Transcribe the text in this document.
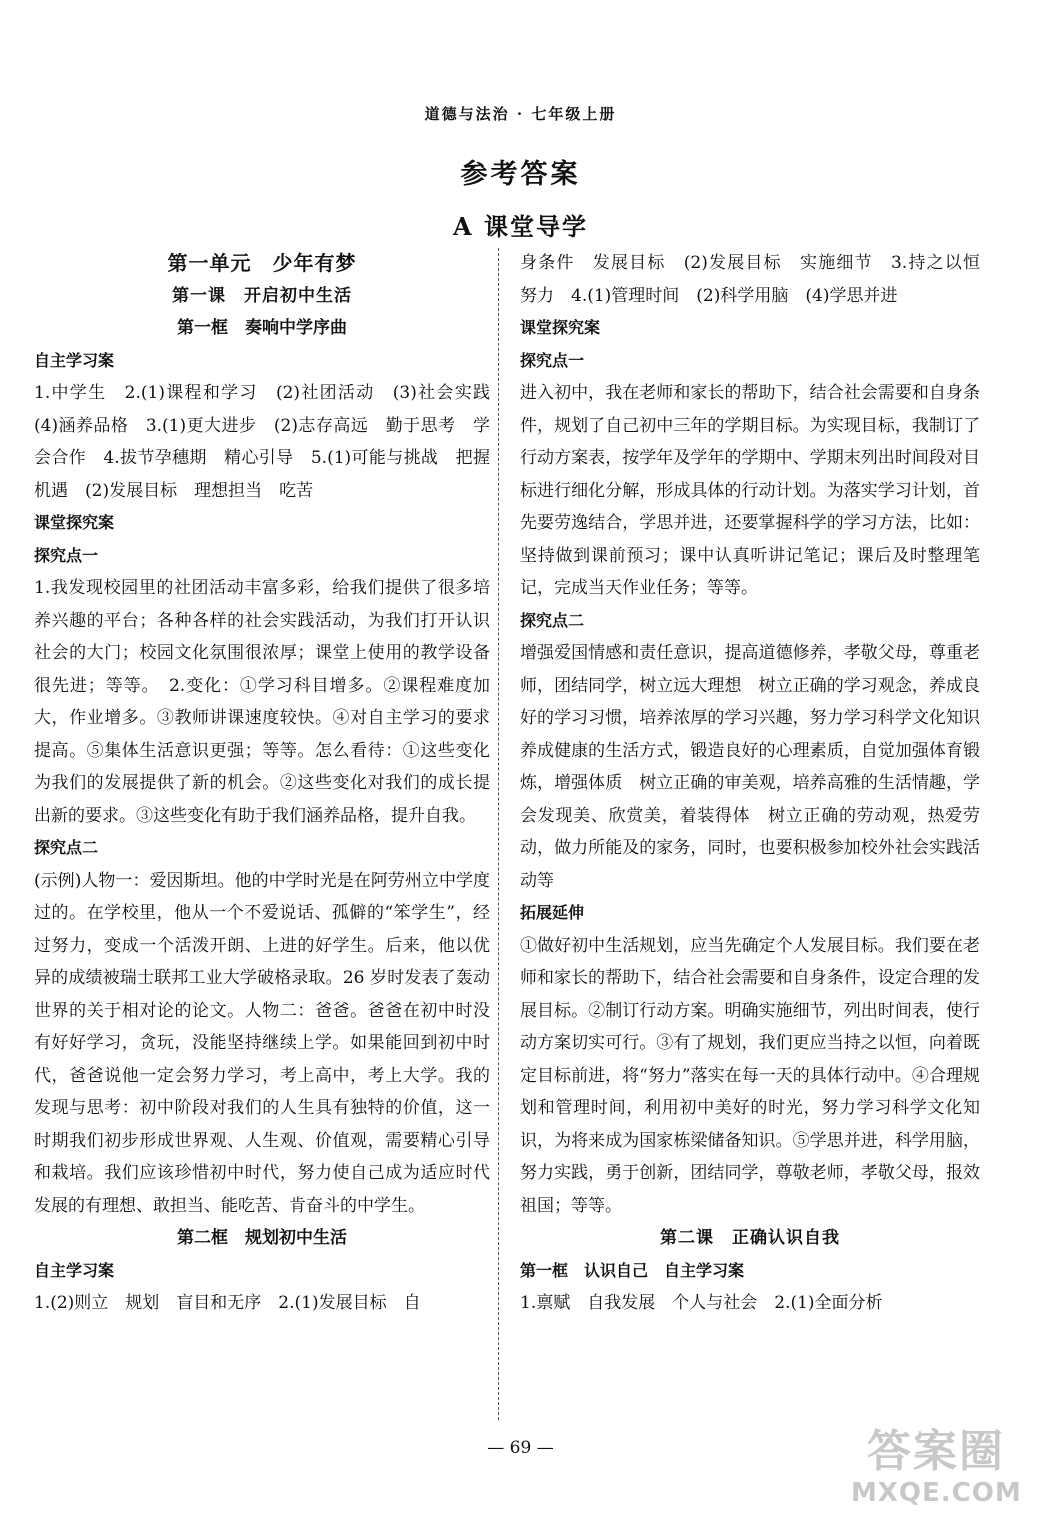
道德与法治 · 七年级上册
参考答案
A 课堂导学

第一单元　少年有梦

第一课　开启初中生活

第一框　奏响中学序曲

自主学习案

1.中学生　2.(1)课程和学习　(2)社团活动　(3)社会实践　(4)涵养品格　3.(1)更大进步　(2)志存高远　勤于思考　学会合作　4.拔节孕穗期　精心引导　5.(1)可能与挑战　把握机遇　(2)发展目标　理想担当　吃苦

课堂探究案

探究点一

1.我发现校园里的社团活动丰富多彩，给我们提供了很多培养兴趣的平台；各种各样的社会实践活动，为我们打开认识社会的大门；校园文化氛围很浓厚；课堂上使用的教学设备很先进；等等。　2.变化：①学习科目增多。②课程难度加大，作业增多。③教师讲课速度较快。④对自主学习的要求提高。⑤集体生活意识更强；等等。怎么看待：①这些变化为我们的发展提供了新的机会。②这些变化对我们的成长提出新的要求。③这些变化有助于我们涵养品格，提升自我。

探究点二

(示例)人物一：爱因斯坦。他的中学时光是在阿劳州立中学度过的。在学校里，他从一个不爱说话、孤僻的“笨学生”，经过努力，变成一个活泼开朗、上进的好学生。后来，他以优异的成绩被瑞士联邦工业大学破格录取。26 岁时发表了轰动世界的关于相对论的论文。人物二：爸爸。爸爸在初中时没有好好学习，贪玩，没能坚持继续上学。如果能回到初中时代，爸爸说他一定会努力学习，考上高中，考上大学。我的发现与思考：初中阶段对我们的人生具有独特的价值，这一时期我们初步形成世界观、人生观、价值观，需要精心引导和栽培。我们应该珍惜初中时代，努力使自己成为适应时代发展的有理想、敢担当、能吃苦、肯奋斗的中学生。

第二框　规划初中生活

自主学习案

1.(2)则立　规划　盲目和无序　2.(1)发展目标　自

身条件　发展目标　(2)发展目标　实施细节　3.持之以恒　努力　4.(1)管理时间　(2)科学用脑　(4)学思并进

课堂探究案

探究点一

进入初中，我在老师和家长的帮助下，结合社会需要和自身条件，规划了自己初中三年的学期目标。为实现目标，我制订了行动方案表，按学年及学年的学期中、学期末列出时间段对目标进行细化分解，形成具体的行动计划。为落实学习计划，首先要劳逸结合，学思并进，还要掌握科学的学习方法，比如：坚持做到课前预习；课中认真听讲记笔记；课后及时整理笔记，完成当天作业任务；等等。

探究点二

增强爱国情感和责任意识，提高道德修养，孝敬父母，尊重老师，团结同学，树立远大理想　树立正确的学习观念，养成良好的学习习惯，培养浓厚的学习兴趣，努力学习科学文化知识　养成健康的生活方式，锻造良好的心理素质，自觉加强体育锻炼，增强体质　树立正确的审美观，培养高雅的生活情趣，学会发现美、欣赏美，着装得体　树立正确的劳动观，热爱劳动，做力所能及的家务，同时，也要积极参加校外社会实践活动等

拓展延伸

①做好初中生活规划，应当先确定个人发展目标。我们要在老师和家长的帮助下，结合社会需要和自身条件，设定合理的发展目标。②制订行动方案。明确实施细节，列出时间表，使行动方案切实可行。③有了规划，我们更应当持之以恒，向着既定目标前进，将“努力”落实在每一天的具体行动中。④合理规划和管理时间，利用初中美好的时光，努力学习科学文化知识，为将来成为国家栋梁储备知识。⑤学思并进，科学用脑，努力实践，勇于创新，团结同学，尊敬老师，孝敬父母，报效祖国；等等。

第二课　正确认识自我

第一框　认识自己　自主学习案

1.禀赋　自我发展　个人与社会　2.(1)全面分析

— 69 —	答案圈
MXQE.COM
